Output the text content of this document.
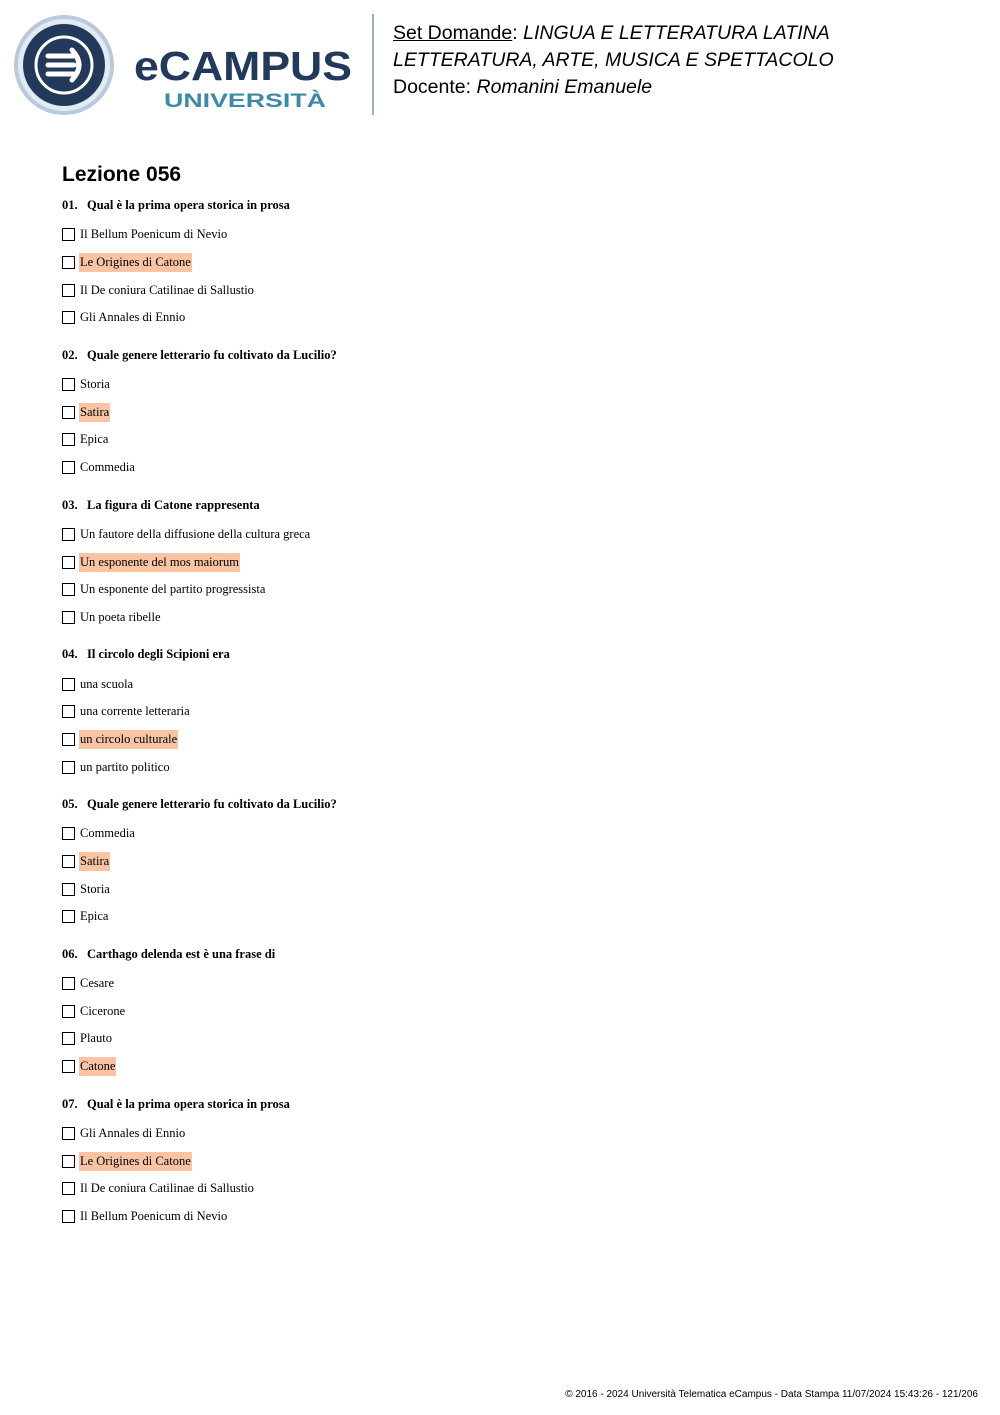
eCAMPUS
UNIVERSITÀ
Set Domande: LINGUA E LETTERATURA LATINA
LETTERATURA, ARTE, MUSICA E SPETTACOLO
Docente: Romanini Emanuele
Lezione 056
01. Qual è la prima opera storica in prosa
Il Bellum Poenicum di Nevio
Le Origines di Catone
Il De coniura Catilinae di Sallustio
Gli Annales di Ennio
02. Quale genere letterario fu coltivato da Lucilio?
Storia
Satira
Epica
Commedia
03. La figura di Catone rappresenta
Un fautore della diffusione della cultura greca
Un esponente del mos maiorum
Un esponente del partito progressista
Un poeta ribelle
04. Il circolo degli Scipioni era
una scuola
una corrente letteraria
un circolo culturale
un partito politico
05. Quale genere letterario fu coltivato da Lucilio?
Commedia
Satira
Storia
Epica
06. Carthago delenda est è una frase di
Cesare
Cicerone
Plauto
Catone
07. Qual è la prima opera storica in prosa
Gli Annales di Ennio
Le Origines di Catone
Il De coniura Catilinae di Sallustio
Il Bellum Poenicum di Nevio
© 2016 - 2024 Università Telematica eCampus - Data Stampa 11/07/2024 15:43:26 - 121/206
